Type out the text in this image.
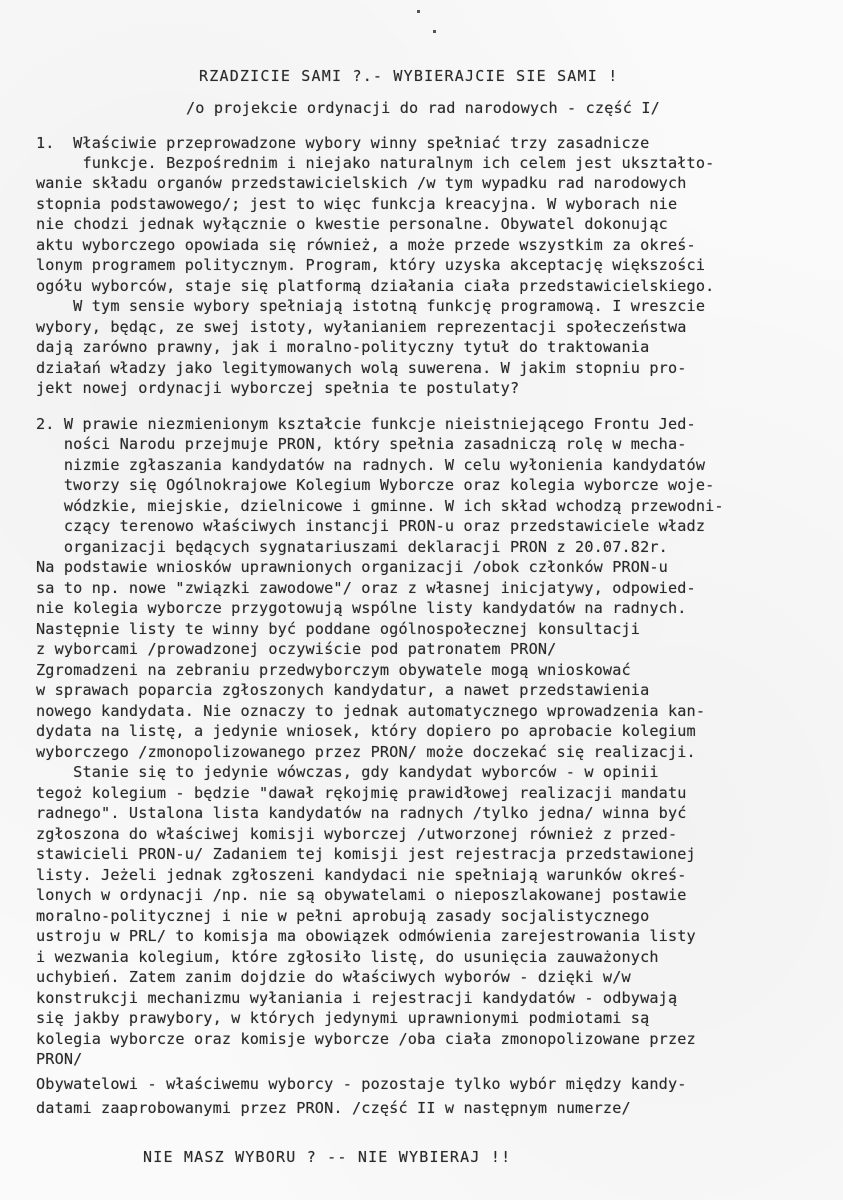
RZADZICIE SAMI ?.- WYBIERAJCIE SIE SAMI !
/o projekcie ordynacji do rad narodowych - część I/
1.  Właściwie przeprowadzone wybory winny spełniać trzy zasadnicze
funkcje. Bezpośrednim i niejako naturalnym ich celem jest ukształto-
wanie składu organów przedstawicielskich /w tym wypadku rad narodowych
stopnia podstawowego/; jest to więc funkcja kreacyjna. W wyborach nie
nie chodzi jednak wyłącznie o kwestie personalne. Obywatel dokonując
aktu wyborczego opowiada się również, a może przede wszystkim za okreś-
lonym programem politycznym. Program, który uzyska akceptację większości
ogółu wyborców, staje się platformą działania ciała przedstawicielskiego.
W tym sensie wybory spełniają istotną funkcję programową. I wreszcie
wybory, będąc, ze swej istoty, wyłanianiem reprezentacji społeczeństwa
dają zarówno prawny, jak i moralno-polityczny tytuł do traktowania
działań władzy jako legitymowanych wolą suwerena. W jakim stopniu pro-
jekt nowej ordynacji wyborczej spełnia te postulaty?
2. W prawie niezmienionym kształcie funkcje nieistniejącego Frontu Jed-
ności Narodu przejmuje PRON, który spełnia zasadniczą rolę w mecha-
nizmie zgłaszania kandydatów na radnych. W celu wyłonienia kandydatów
tworzy się Ogólnokrajowe Kolegium Wyborcze oraz kolegia wyborcze woje-
wódzkie, miejskie, dzielnicowe i gminne. W ich skład wchodzą przewodni-
czący terenowo właściwych instancji PRON-u oraz przedstawiciele władz
organizacji będących sygnatariuszami deklaracji PRON z 20.07.82r.
Na podstawie wniosków uprawnionych organizacji /obok członków PRON-u
sa to np. nowe "związki zawodowe"/ oraz z własnej inicjatywy, odpowied-
nie kolegia wyborcze przygotowują wspólne listy kandydatów na radnych.
Następnie listy te winny być poddane ogólnospołecznej konsultacji
z wyborcami /prowadzonej oczywiście pod patronatem PRON/
Zgromadzeni na zebraniu przedwyborczym obywatele mogą wnioskować
w sprawach poparcia zgłoszonych kandydatur, a nawet przedstawienia
nowego kandydata. Nie oznaczy to jednak automatycznego wprowadzenia kan-
dydata na listę, a jedynie wniosek, który dopiero po aprobacie kolegium
wyborczego /zmonopolizowanego przez PRON/ może doczekać się realizacji.
Stanie się to jedynie wówczas, gdy kandydat wyborców - w opinii
tegoż kolegium - będzie "dawał rękojmię prawidłowej realizacji mandatu
radnego". Ustalona lista kandydatów na radnych /tylko jedna/ winna być
zgłoszona do właściwej komisji wyborczej /utworzonej również z przed-
stawicieli PRON-u/ Zadaniem tej komisji jest rejestracja przedstawionej
listy. Jeżeli jednak zgłoszeni kandydaci nie spełniają warunków okreś-
lonych w ordynacji /np. nie są obywatelami o nieposzlakowanej postawie
moralno-politycznej i nie w pełni aprobują zasady socjalistycznego
ustroju w PRL/ to komisja ma obowiązek odmówienia zarejestrowania listy
i wezwania kolegium, które zgłosiło listę, do usunięcia zauważonych
uchybień. Zatem zanim dojdzie do właściwych wyborów - dzięki w/w
konstrukcji mechanizmu wyłaniania i rejestracji kandydatów - odbywają
się jakby prawybory, w których jedynymi uprawnionymi podmiotami są
kolegia wyborcze oraz komisje wyborcze /oba ciała zmonopolizowane przez
PRON/
Obywatelowi - właściwemu wyborcy - pozostaje tylko wybór między kandy-
datami zaaprobowanymi przez PRON. /część II w następnym numerze/
NIE MASZ WYBORU ? -- NIE WYBIERAJ !!
